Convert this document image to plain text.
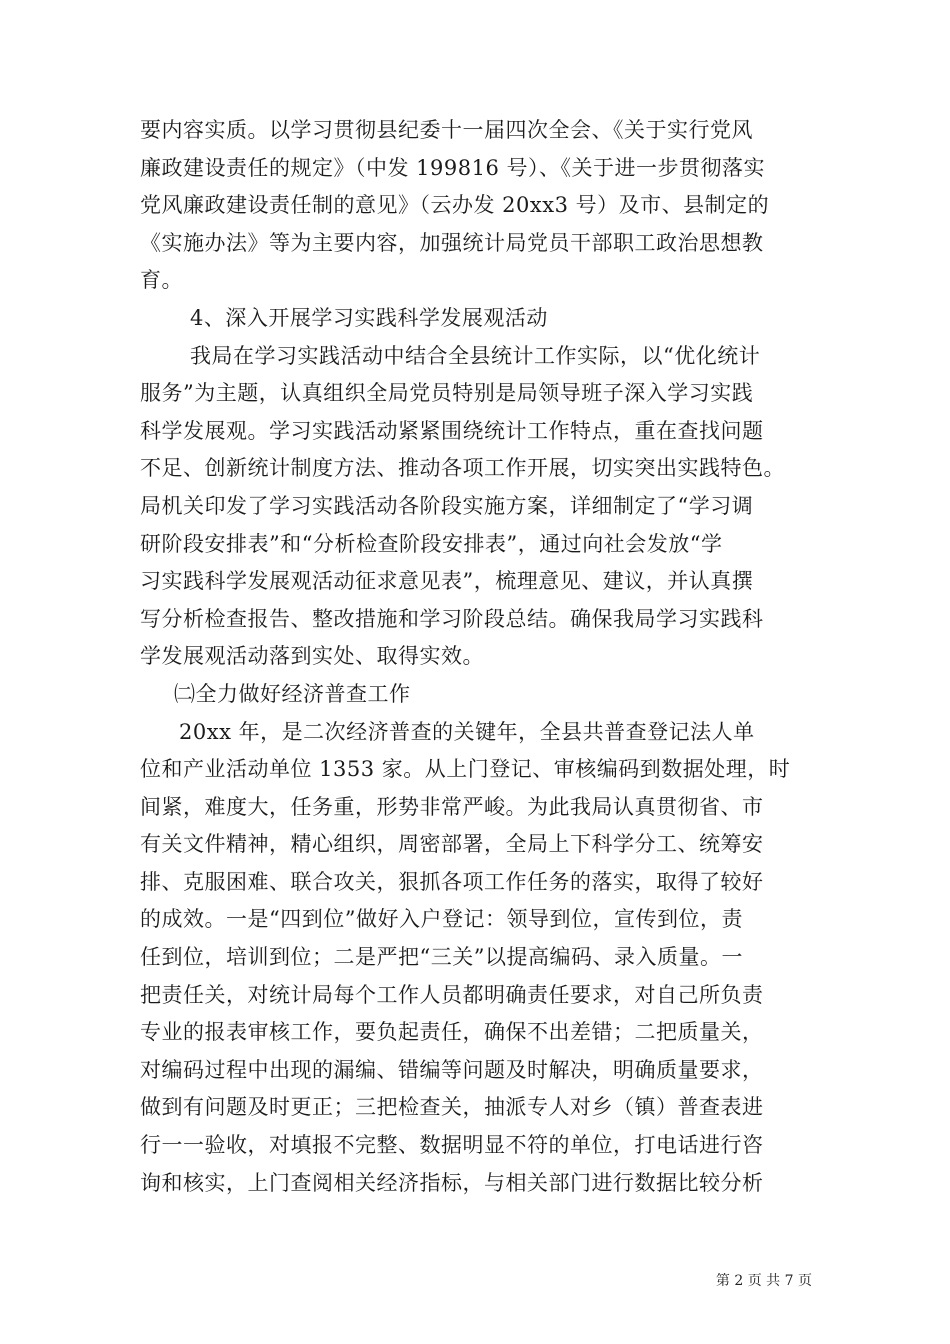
要内容实质。以学习贯彻县纪委十一届四次全会、《关于实行党风
廉政建设责任的规定》（中发 199816 号）、《关于进一步贯彻落实
党风廉政建设责任制的意见》（云办发 20xx3 号）及市、县制定的
《实施办法》等为主要内容，加强统计局党员干部职工政治思想教
育。
4、深入开展学习实践科学发展观活动
我局在学习实践活动中结合全县统计工作实际，以“优化统计
服务”为主题，认真组织全局党员特别是局领导班子深入学习实践
科学发展观。学习实践活动紧紧围绕统计工作特点，重在查找问题
不足、创新统计制度方法、推动各项工作开展，切实突出实践特色。
局机关印发了学习实践活动各阶段实施方案，详细制定了“学习调
研阶段安排表”和“分析检查阶段安排表”，通过向社会发放“学
习实践科学发展观活动征求意见表”，梳理意见、建议，并认真撰
写分析检查报告、整改措施和学习阶段总结。确保我局学习实践科
学发展观活动落到实处、取得实效。
㈡全力做好经济普查工作
20xx 年，是二次经济普查的关键年，全县共普查登记法人单
位和产业活动单位 1353 家。从上门登记、审核编码到数据处理，时
间紧，难度大，任务重，形势非常严峻。为此我局认真贯彻省、市
有关文件精神，精心组织，周密部署，全局上下科学分工、统筹安
排、克服困难、联合攻关，狠抓各项工作任务的落实，取得了较好
的成效。一是“四到位”做好入户登记：领导到位，宣传到位，责
任到位，培训到位；二是严把“三关”以提高编码、录入质量。一
把责任关，对统计局每个工作人员都明确责任要求，对自己所负责
专业的报表审核工作，要负起责任，确保不出差错；二把质量关，
对编码过程中出现的漏编、错编等问题及时解决，明确质量要求，
做到有问题及时更正；三把检查关，抽派专人对乡（镇）普查表进
行一一验收，对填报不完整、数据明显不符的单位，打电话进行咨
询和核实，上门查阅相关经济指标，与相关部门进行数据比较分析
第 2 页 共 7 页
